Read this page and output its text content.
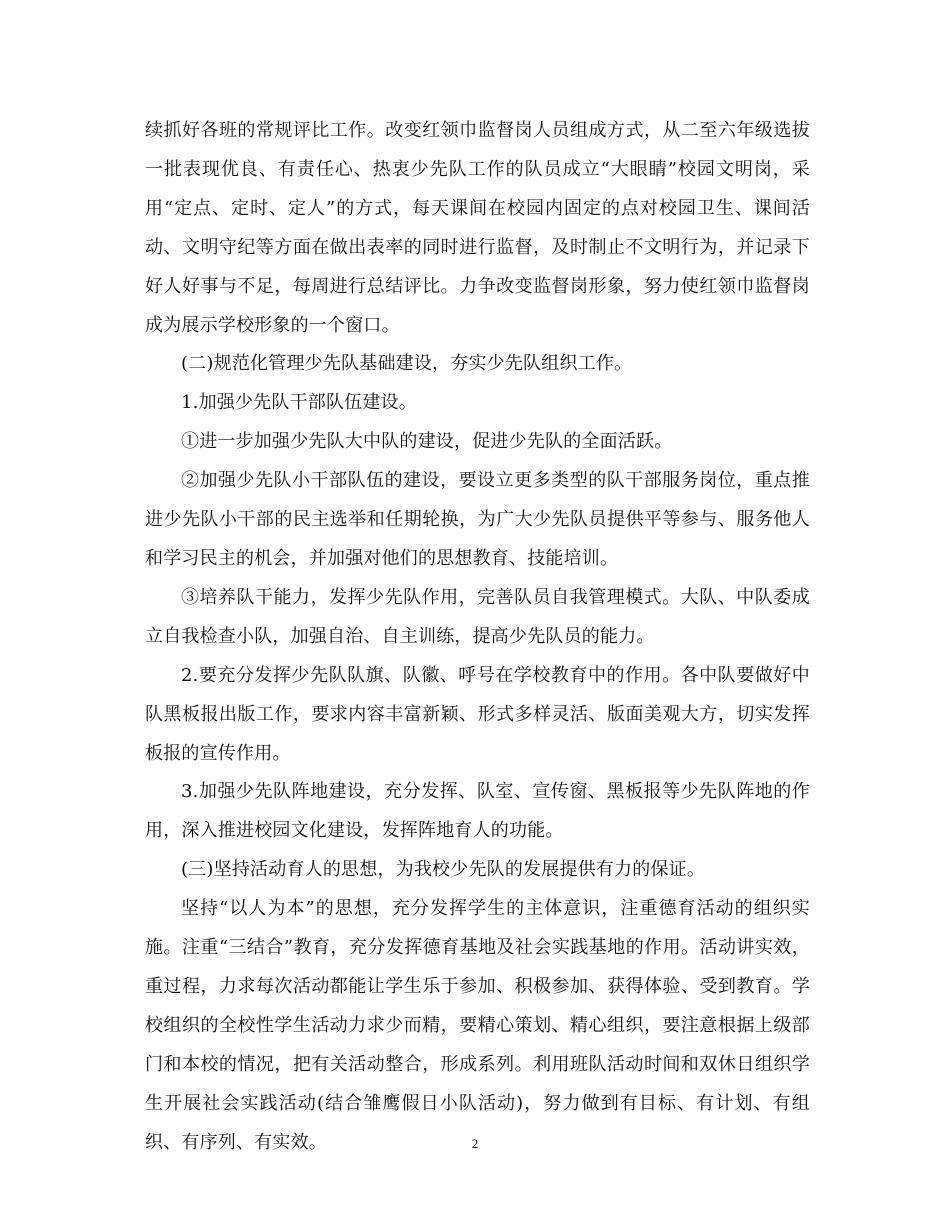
续抓好各班的常规评比工作。改变红领巾监督岗人员组成方式，从二至六年级选拔一批表现优良、有责任心、热衷少先队工作的队员成立“大眼睛”校园文明岗，采用“定点、定时、定人”的方式，每天课间在校园内固定的点对校园卫生、课间活动、文明守纪等方面在做出表率的同时进行监督，及时制止不文明行为，并记录下好人好事与不足，每周进行总结评比。力争改变监督岗形象，努力使红领巾监督岗成为展示学校形象的一个窗口。

(二)规范化管理少先队基础建设，夯实少先队组织工作。

1.加强少先队干部队伍建设。

①进一步加强少先队大中队的建设，促进少先队的全面活跃。

②加强少先队小干部队伍的建设，要设立更多类型的队干部服务岗位，重点推进少先队小干部的民主选举和任期轮换，为广大少先队员提供平等参与、服务他人和学习民主的机会，并加强对他们的思想教育、技能培训。

③培养队干能力，发挥少先队作用，完善队员自我管理模式。大队、中队委成立自我检查小队，加强自治、自主训练，提高少先队员的能力。

2.要充分发挥少先队队旗、队徽、呼号在学校教育中的作用。各中队要做好中队黑板报出版工作，要求内容丰富新颖、形式多样灵活、版面美观大方，切实发挥板报的宣传作用。

3.加强少先队阵地建设，充分发挥、队室、宣传窗、黑板报等少先队阵地的作用，深入推进校园文化建设，发挥阵地育人的功能。

(三)坚持活动育人的思想，为我校少先队的发展提供有力的保证。

坚持“以人为本”的思想，充分发挥学生的主体意识，注重德育活动的组织实施。注重“三结合”教育，充分发挥德育基地及社会实践基地的作用。活动讲实效，重过程，力求每次活动都能让学生乐于参加、积极参加、获得体验、受到教育。学校组织的全校性学生活动力求少而精，要精心策划、精心组织，要注意根据上级部门和本校的情况，把有关活动整合，形成系列。利用班队活动时间和双休日组织学生开展社会实践活动(结合雏鹰假日小队活动)，努力做到有目标、有计划、有组织、有序列、有实效。	2
